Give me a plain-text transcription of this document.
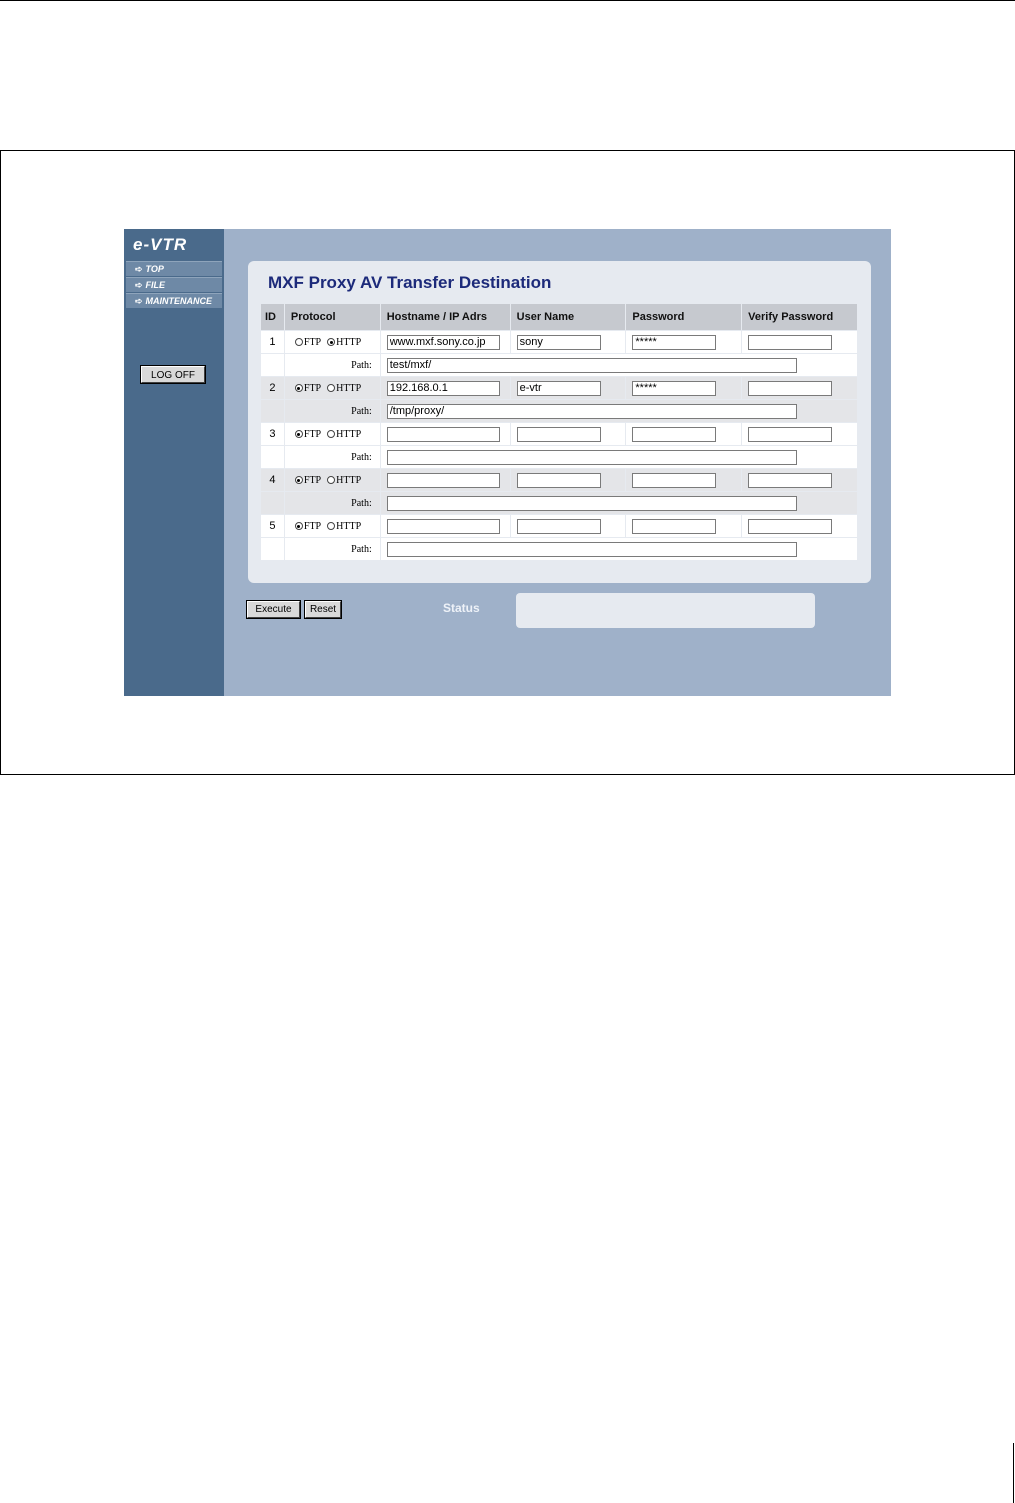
e-VTR
➪ TOP
➪ FILE
➪ MAINTENANCE
LOG OFF
MXF Proxy AV Transfer Destination
ID	Protocol	Hostname / IP Adrs	User Name	Password	Verify Password
1	FTP HTTP	www.mxf.sony.co.jp	sony	*****	
	Path:	test/mxf/
2	FTP HTTP	192.168.0.1	e-vtr	*****	
	Path:	/tmp/proxy/
3	FTP HTTP				
	Path:	
4	FTP HTTP				
	Path:	
5	FTP HTTP				
	Path:	
Execute	Reset	Status
